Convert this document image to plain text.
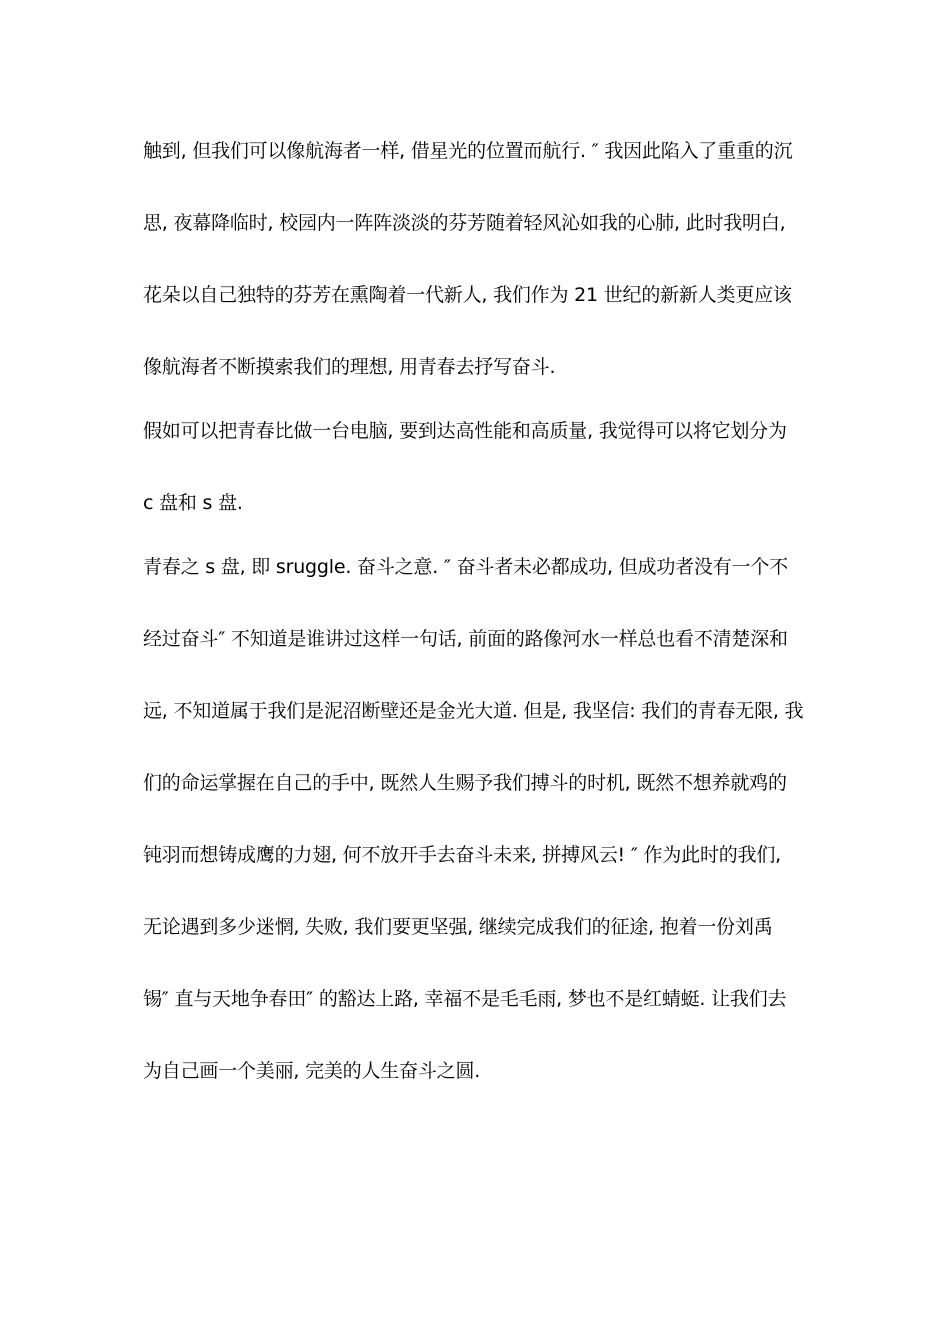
触到, 但我们可以像航海者一样, 借星光的位置而航行. ″ 我因此陷入了重重的沉
思, 夜幕降临时, 校园内一阵阵淡淡的芬芳随着轻风沁如我的心肺, 此时我明白,
花朵以自己独特的芬芳在熏陶着一代新人, 我们作为 21 世纪的新新人类更应该
像航海者不断摸索我们的理想, 用青春去抒写奋斗.
假如可以把青春比做一台电脑, 要到达高性能和高质量, 我觉得可以将它划分为
c 盘和 s 盘.
青春之 s 盘, 即 sruggle. 奋斗之意. ″ 奋斗者未必都成功, 但成功者没有一个不
经过奋斗″ 不知道是谁讲过这样一句话, 前面的路像河水一样总也看不清楚深和
远, 不知道属于我们是泥沼断壁还是金光大道. 但是, 我坚信: 我们的青春无限, 我
们的命运掌握在自己的手中, 既然人生赐予我们搏斗的时机, 既然不想养就鸡的
钝羽而想铸成鹰的力翅, 何不放开手去奋斗未来, 拼搏风云! ″ 作为此时的我们,
无论遇到多少迷惘, 失败, 我们要更坚强, 继续完成我们的征途, 抱着一份刘禹
锡″ 直与天地争春田″ 的豁达上路, 幸福不是毛毛雨, 梦也不是红蜻蜓. 让我们去
为自己画一个美丽, 完美的人生奋斗之圆.
